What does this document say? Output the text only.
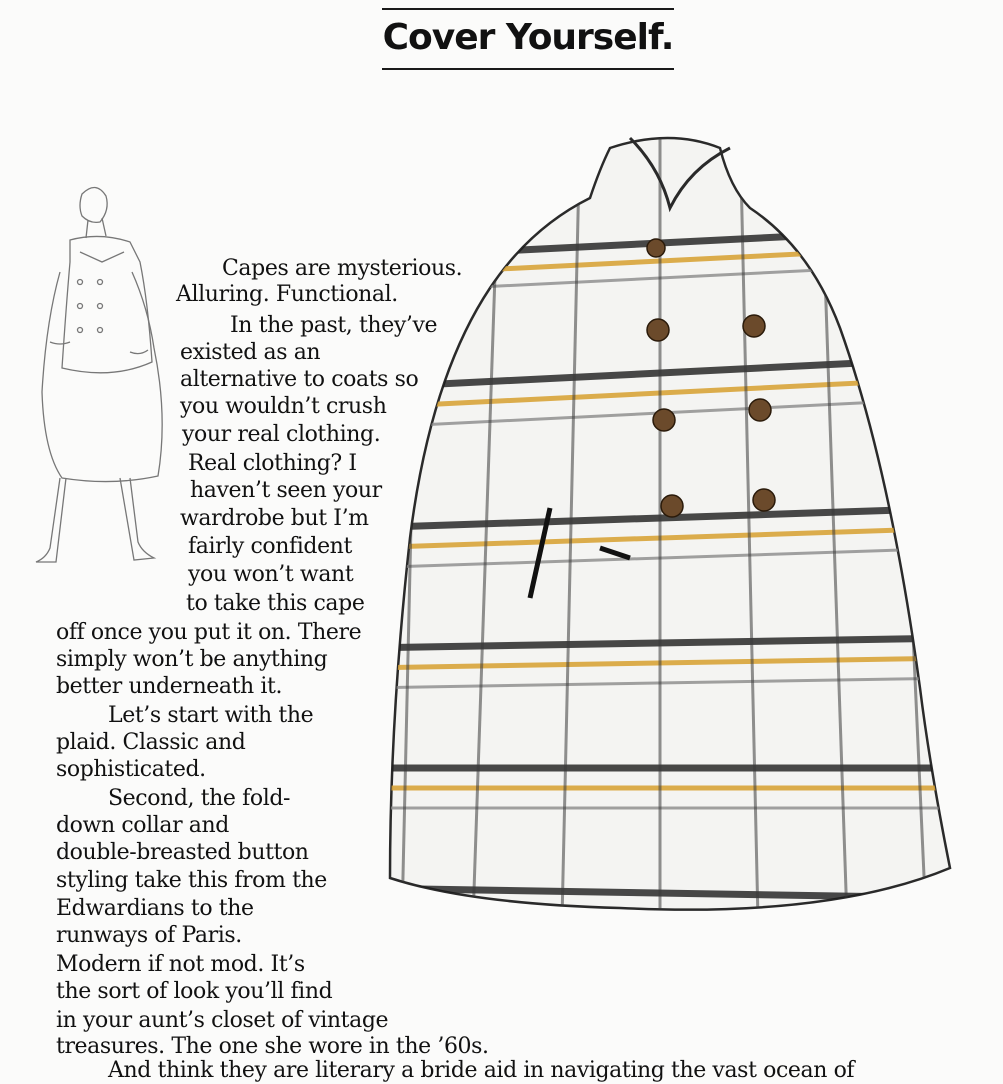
Cover Yourself.
Capes are mysterious.
Alluring. Functional.
In the past, they’ve
existed as an
alternative to coats so
you wouldn’t crush
your real clothing.
Real clothing? I
haven’t seen your
wardrobe but I’m
fairly confident
you won’t want
to take this cape
off once you put it on. There
simply won’t be anything
better underneath it.
Let’s start with the
plaid. Classic and
sophisticated.
Second, the fold-
down collar and
double-breasted button
styling take this from the
Edwardians to the
runways of Paris.
Modern if not mod. It’s
the sort of look you’ll find
in your aunt’s closet of vintage
treasures. The one she wore in the ’60s.
And think they are literary a bride aid in navigating the vast ocean of
